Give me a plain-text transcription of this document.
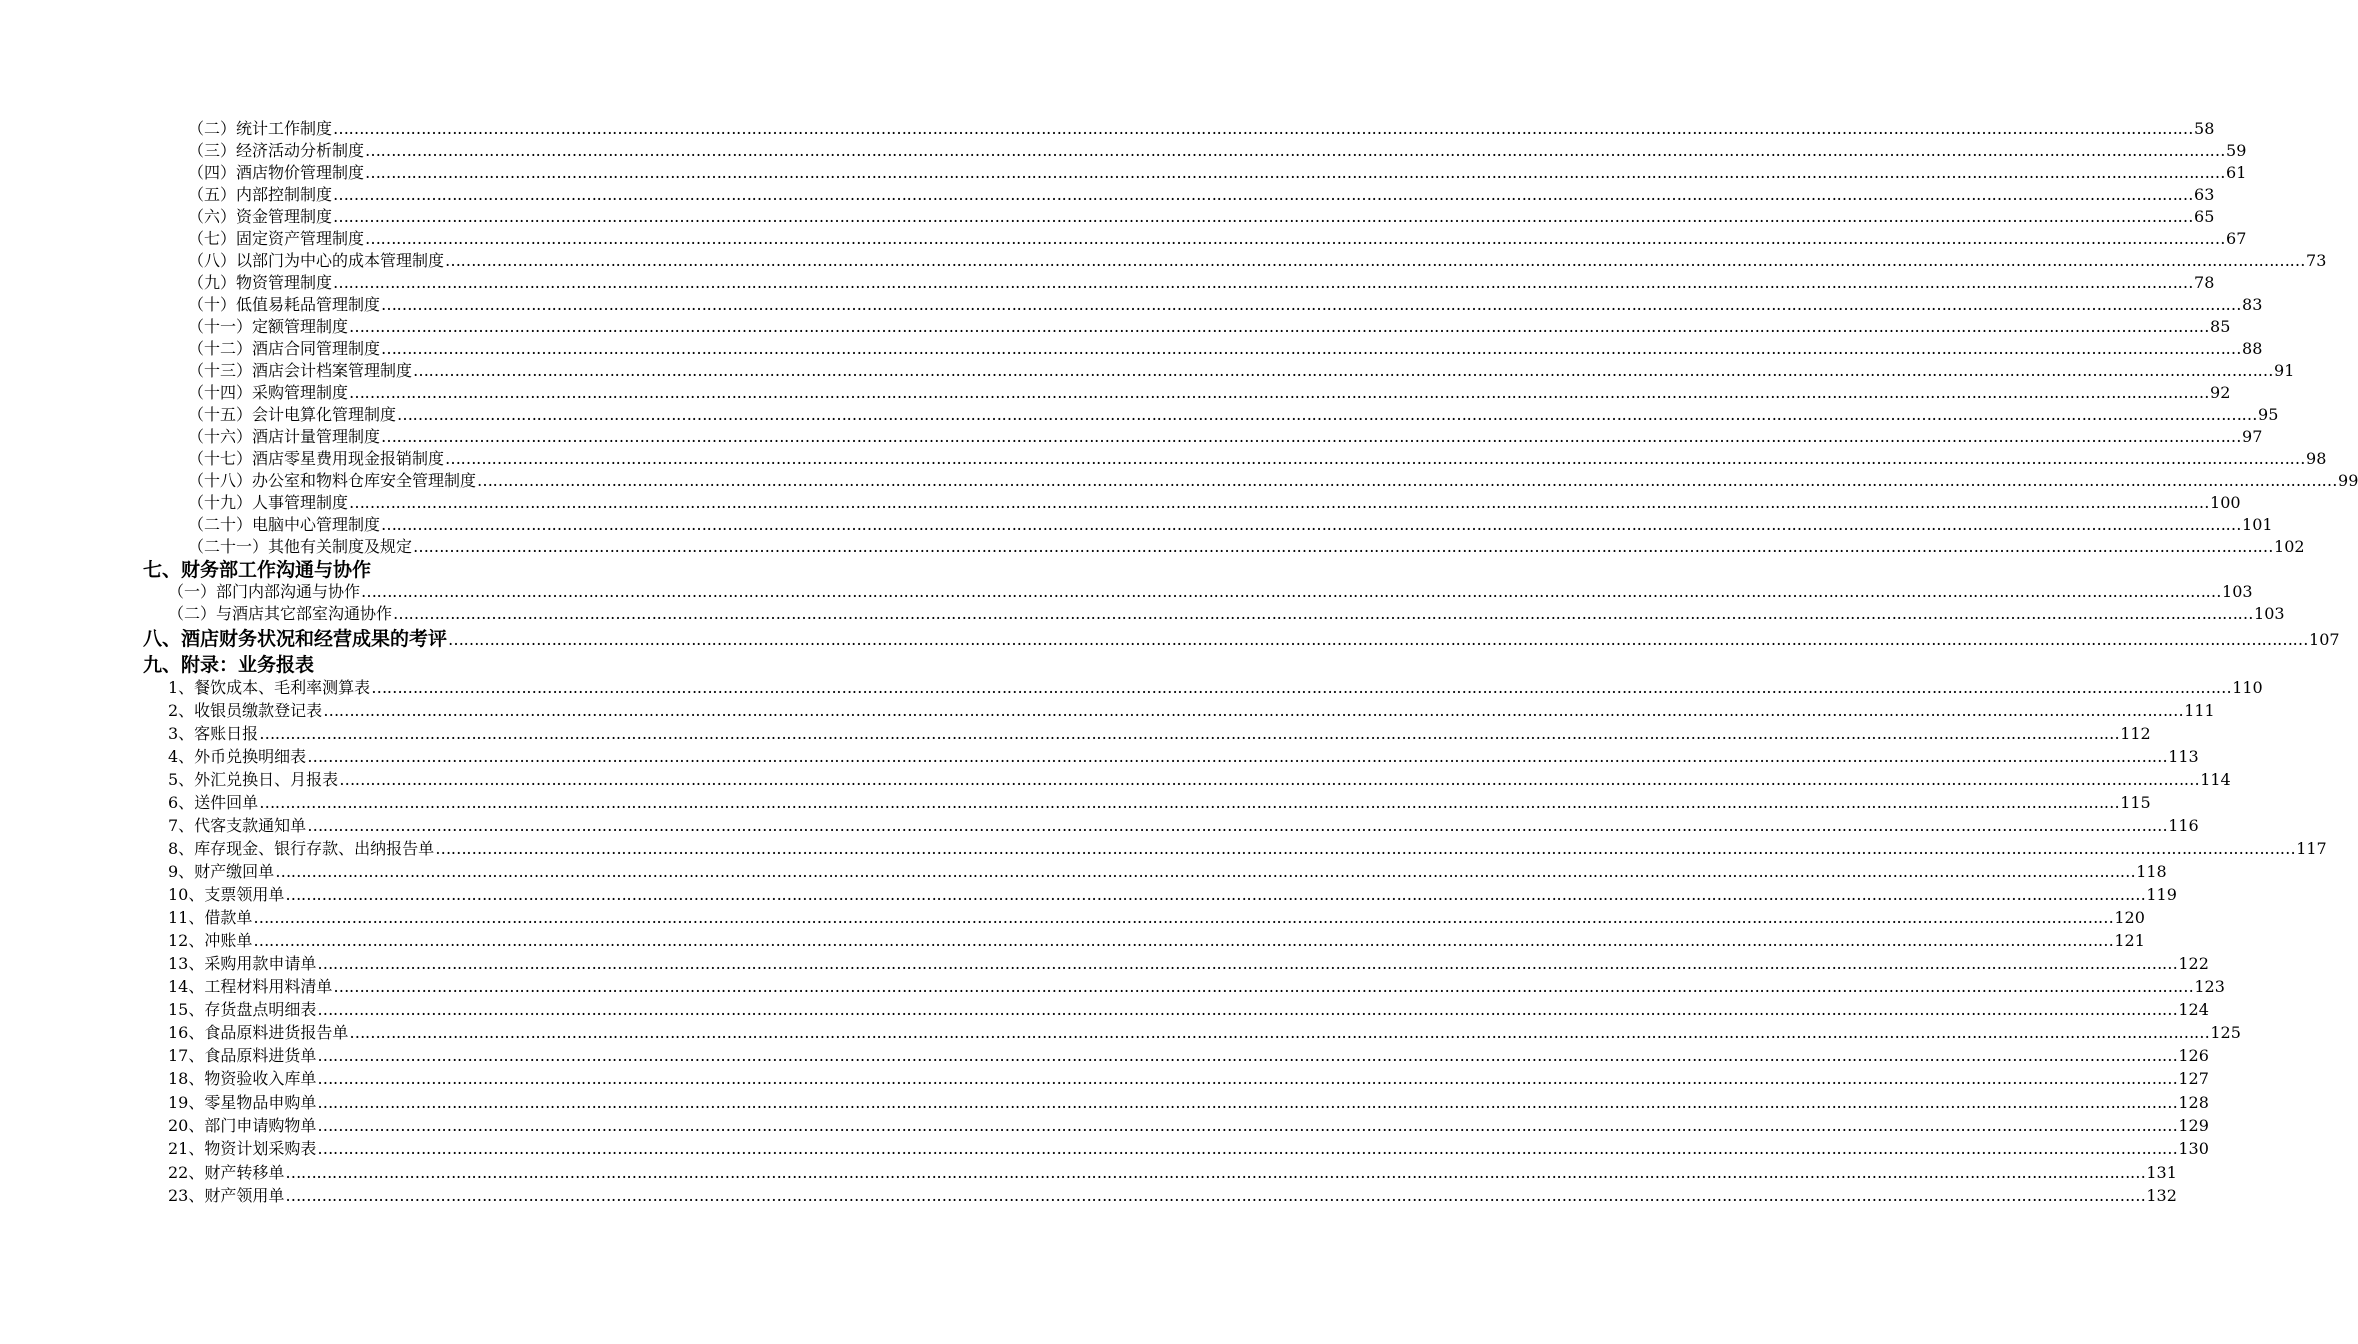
（二）统计工作制度 ……………………………………………………………………………………………………………………………………………………………………………………………………………………………………………………………………………………………………………………………… 58
（三）经济活动分析制度 ……………………………………………………………………………………………………………………………………………………………………………………………………………………………………………………………………………………………………………………………… 59
（四）酒店物价管理制度 ……………………………………………………………………………………………………………………………………………………………………………………………………………………………………………………………………………………………………………………………… 61
（五）内部控制制度 ……………………………………………………………………………………………………………………………………………………………………………………………………………………………………………………………………………………………………………………………… 63
（六）资金管理制度 ……………………………………………………………………………………………………………………………………………………………………………………………………………………………………………………………………………………………………………………………… 65
（七）固定资产管理制度 ……………………………………………………………………………………………………………………………………………………………………………………………………………………………………………………………………………………………………………………………… 67
（八）以部门为中心的成本管理制度 ……………………………………………………………………………………………………………………………………………………………………………………………………………………………………………………………………………………………………………………………… 73
（九）物资管理制度 ……………………………………………………………………………………………………………………………………………………………………………………………………………………………………………………………………………………………………………………………… 78
（十）低值易耗品管理制度 ……………………………………………………………………………………………………………………………………………………………………………………………………………………………………………………………………………………………………………………………… 83
（十一）定额管理制度 ……………………………………………………………………………………………………………………………………………………………………………………………………………………………………………………………………………………………………………………………… 85
（十二）酒店合同管理制度 ……………………………………………………………………………………………………………………………………………………………………………………………………………………………………………………………………………………………………………………………… 88
（十三）酒店会计档案管理制度 ……………………………………………………………………………………………………………………………………………………………………………………………………………………………………………………………………………………………………………………………… 91
（十四）采购管理制度 ……………………………………………………………………………………………………………………………………………………………………………………………………………………………………………………………………………………………………………………………… 92
（十五）会计电算化管理制度 ……………………………………………………………………………………………………………………………………………………………………………………………………………………………………………………………………………………………………………………………… 95
（十六）酒店计量管理制度 ……………………………………………………………………………………………………………………………………………………………………………………………………………………………………………………………………………………………………………………………… 97
（十七）酒店零星费用现金报销制度 ……………………………………………………………………………………………………………………………………………………………………………………………………………………………………………………………………………………………………………………………… 98
（十八）办公室和物料仓库安全管理制度 ……………………………………………………………………………………………………………………………………………………………………………………………………………………………………………………………………………………………………………………………… 99
（十九）人事管理制度 ……………………………………………………………………………………………………………………………………………………………………………………………………………………………………………………………………………………………………………………………… 100
（二十）电脑中心管理制度 ……………………………………………………………………………………………………………………………………………………………………………………………………………………………………………………………………………………………………………………………… 101
（二十一）其他有关制度及规定 ……………………………………………………………………………………………………………………………………………………………………………………………………………………………………………………………………………………………………………………………… 102
七、财务部工作沟通与协作
（一）部门内部沟通与协作 ……………………………………………………………………………………………………………………………………………………………………………………………………………………………………………………………………………………………………………………………… 103
（二）与酒店其它部室沟通协作 ……………………………………………………………………………………………………………………………………………………………………………………………………………………………………………………………………………………………………………………………… 103
八、酒店财务状况和经营成果的考评 ……………………………………………………………………………………………………………………………………………………………………………………………………………………………………………………………………………………………………………………………… 107
九、附录：业务报表
1、餐饮成本、毛利率测算表 ……………………………………………………………………………………………………………………………………………………………………………………………………………………………………………………………………………………………………………………………… 110
2、收银员缴款登记表 ……………………………………………………………………………………………………………………………………………………………………………………………………………………………………………………………………………………………………………………………… 111
3、客账日报 ……………………………………………………………………………………………………………………………………………………………………………………………………………………………………………………………………………………………………………………………… 112
4、外币兑换明细表 ……………………………………………………………………………………………………………………………………………………………………………………………………………………………………………………………………………………………………………………………… 113
5、外汇兑换日、月报表 ……………………………………………………………………………………………………………………………………………………………………………………………………………………………………………………………………………………………………………………………… 114
6、送件回单 ……………………………………………………………………………………………………………………………………………………………………………………………………………………………………………………………………………………………………………………………… 115
7、代客支款通知单 ……………………………………………………………………………………………………………………………………………………………………………………………………………………………………………………………………………………………………………………………… 116
8、库存现金、银行存款、出纳报告单 ……………………………………………………………………………………………………………………………………………………………………………………………………………………………………………………………………………………………………………………………… 117
9、财产缴回单 ……………………………………………………………………………………………………………………………………………………………………………………………………………………………………………………………………………………………………………………………… 118
10、支票领用单 ……………………………………………………………………………………………………………………………………………………………………………………………………………………………………………………………………………………………………………………………… 119
11、借款单 ……………………………………………………………………………………………………………………………………………………………………………………………………………………………………………………………………………………………………………………………… 120
12、冲账单 ……………………………………………………………………………………………………………………………………………………………………………………………………………………………………………………………………………………………………………………………… 121
13、采购用款申请单 ……………………………………………………………………………………………………………………………………………………………………………………………………………………………………………………………………………………………………………………………… 122
14、工程材料用料清单 ……………………………………………………………………………………………………………………………………………………………………………………………………………………………………………………………………………………………………………………………… 123
15、存货盘点明细表 ……………………………………………………………………………………………………………………………………………………………………………………………………………………………………………………………………………………………………………………………… 124
16、食品原料进货报告单 ……………………………………………………………………………………………………………………………………………………………………………………………………………………………………………………………………………………………………………………………… 125
17、食品原料进货单 ……………………………………………………………………………………………………………………………………………………………………………………………………………………………………………………………………………………………………………………………… 126
18、物资验收入库单 ……………………………………………………………………………………………………………………………………………………………………………………………………………………………………………………………………………………………………………………………… 127
19、零星物品申购单 ……………………………………………………………………………………………………………………………………………………………………………………………………………………………………………………………………………………………………………………………… 128
20、部门申请购物单 ……………………………………………………………………………………………………………………………………………………………………………………………………………………………………………………………………………………………………………………………… 129
21、物资计划采购表 ……………………………………………………………………………………………………………………………………………………………………………………………………………………………………………………………………………………………………………………………… 130
22、财产转移单 ……………………………………………………………………………………………………………………………………………………………………………………………………………………………………………………………………………………………………………………………… 131
23、财产领用单 ……………………………………………………………………………………………………………………………………………………………………………………………………………………………………………………………………………………………………………………………… 132
